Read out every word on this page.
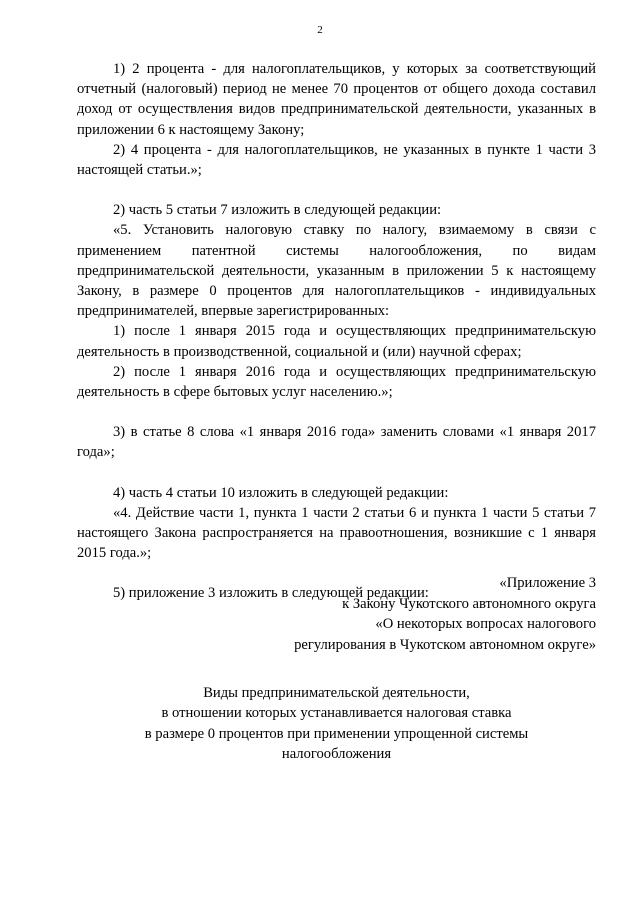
2

1) 2 процента - для налогоплательщиков, у которых за соответствующий отчетный (налоговый) период не менее 70 процентов от общего дохода составил доход от осуществления видов предпринимательской деятельности, указанных в приложении 6 к настоящему Закону;

2) 4 процента - для налогоплательщиков, не указанных в пункте 1 части 3 настоящей статьи.»;

2) часть 5 статьи 7 изложить в следующей редакции:

«5. Установить налоговую ставку по налогу, взимаемому в связи с применением патентной системы налогообложения, по видам предпринимательской деятельности, указанным в приложении 5 к настоящему Закону, в размере 0 процентов для налогоплательщиков - индивидуальных предпринимателей, впервые зарегистрированных:

1) после 1 января 2015 года и осуществляющих предпринимательскую деятельность в производственной, социальной и (или) научной сферах;

2) после 1 января 2016 года и осуществляющих предпринимательскую деятельность в сфере бытовых услуг населению.»;

3) в статье 8 слова «1 января 2016 года» заменить словами «1 января 2017 года»;

4) часть 4 статьи 10 изложить в следующей редакции:

«4. Действие части 1, пункта 1 части 2 статьи 6 и пункта 1 части 5 статьи 7 настоящего Закона распространяется на правоотношения, возникшие с 1 января 2015 года.»;

5) приложение 3 изложить в следующей редакции:

«Приложение 3
к Закону Чукотского автономного округа
«О некоторых вопросах налогового
регулирования в Чукотском автономном округе»
Виды предпринимательской деятельности,
в отношении которых устанавливается налоговая ставка
в размере 0 процентов при применении упрощенной системы
налогообложения
